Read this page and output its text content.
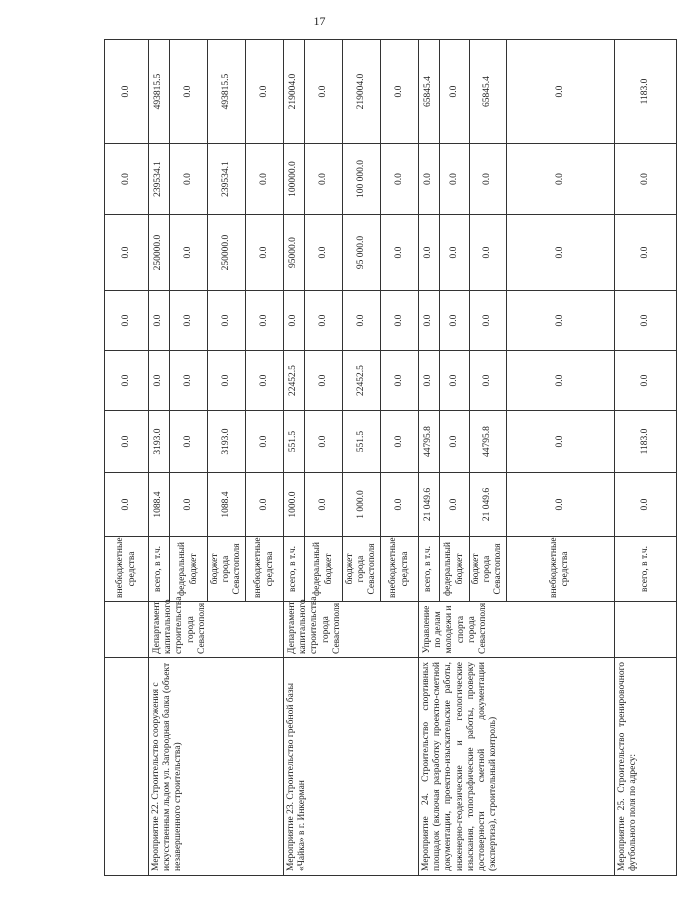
17
		внебюджетные средства	0.0	0.0	0.0	0.0	0.0	0.0	0.0
Мероприятие 22. Строительство сооружения с искусственным льдом ул. Загородная балка (объект незавершенного строительства)	Департамент капитального строительства города Севастополя	всего, в т.ч.	1088.4	3193.0	0.0	0.0	250000.0	239534.1	493815.5
		федеральный бюджет	0.0	0.0	0.0	0.0	0.0	0.0	0.0
		бюджет города Севастополя	1088.4	3193.0	0.0	0.0	250000.0	239534.1	493815.5
		внебюджетные средства	0.0	0.0	0.0	0.0	0.0	0.0	0.0
Мероприятие 23. Строительство гребной базы «Чайка» в г. Инкерман	Департамент капитального строительства города Севастополя	всего, в т.ч.	1000.0	551.5	22452.5	0.0	95000.0	100000.0	219004.0
		федеральный бюджет	0.0	0.0	0.0	0.0	0.0	0.0	0.0
		бюджет города Севастополя	1 000.0	551.5	22452.5	0.0	95 000.0	100 000.0	219004.0
		внебюджетные средства	0.0	0.0	0.0	0.0	0.0	0.0	0.0
Мероприятие 24. Строительство спортивных площадок (включая разработку проектно-сметной документации, проектно-изыскательские работы, инженерно-геодезические и геологические изыскания, топографические работы, проверку достоверности сметной документации (экспертиза), строительный контроль)	Управление по делам молодежи и спорта города Севастополя	всего, в т.ч.	21 049.6	44795.8	0.0	0.0	0.0	0.0	65845.4
		федеральный бюджет	0.0	0.0	0.0	0.0	0.0	0.0	0.0
		бюджет города Севастополя	21 049.6	44795.8	0.0	0.0	0.0	0.0	65845.4
		внебюджетные средства	0.0	0.0	0.0	0.0	0.0	0.0	0.0
Мероприятие 25. Строительство тренировочного футбольного поля по адресу:		всего, в т.ч.	0.0	1183.0	0.0	0.0	0.0	0.0	1183.0
